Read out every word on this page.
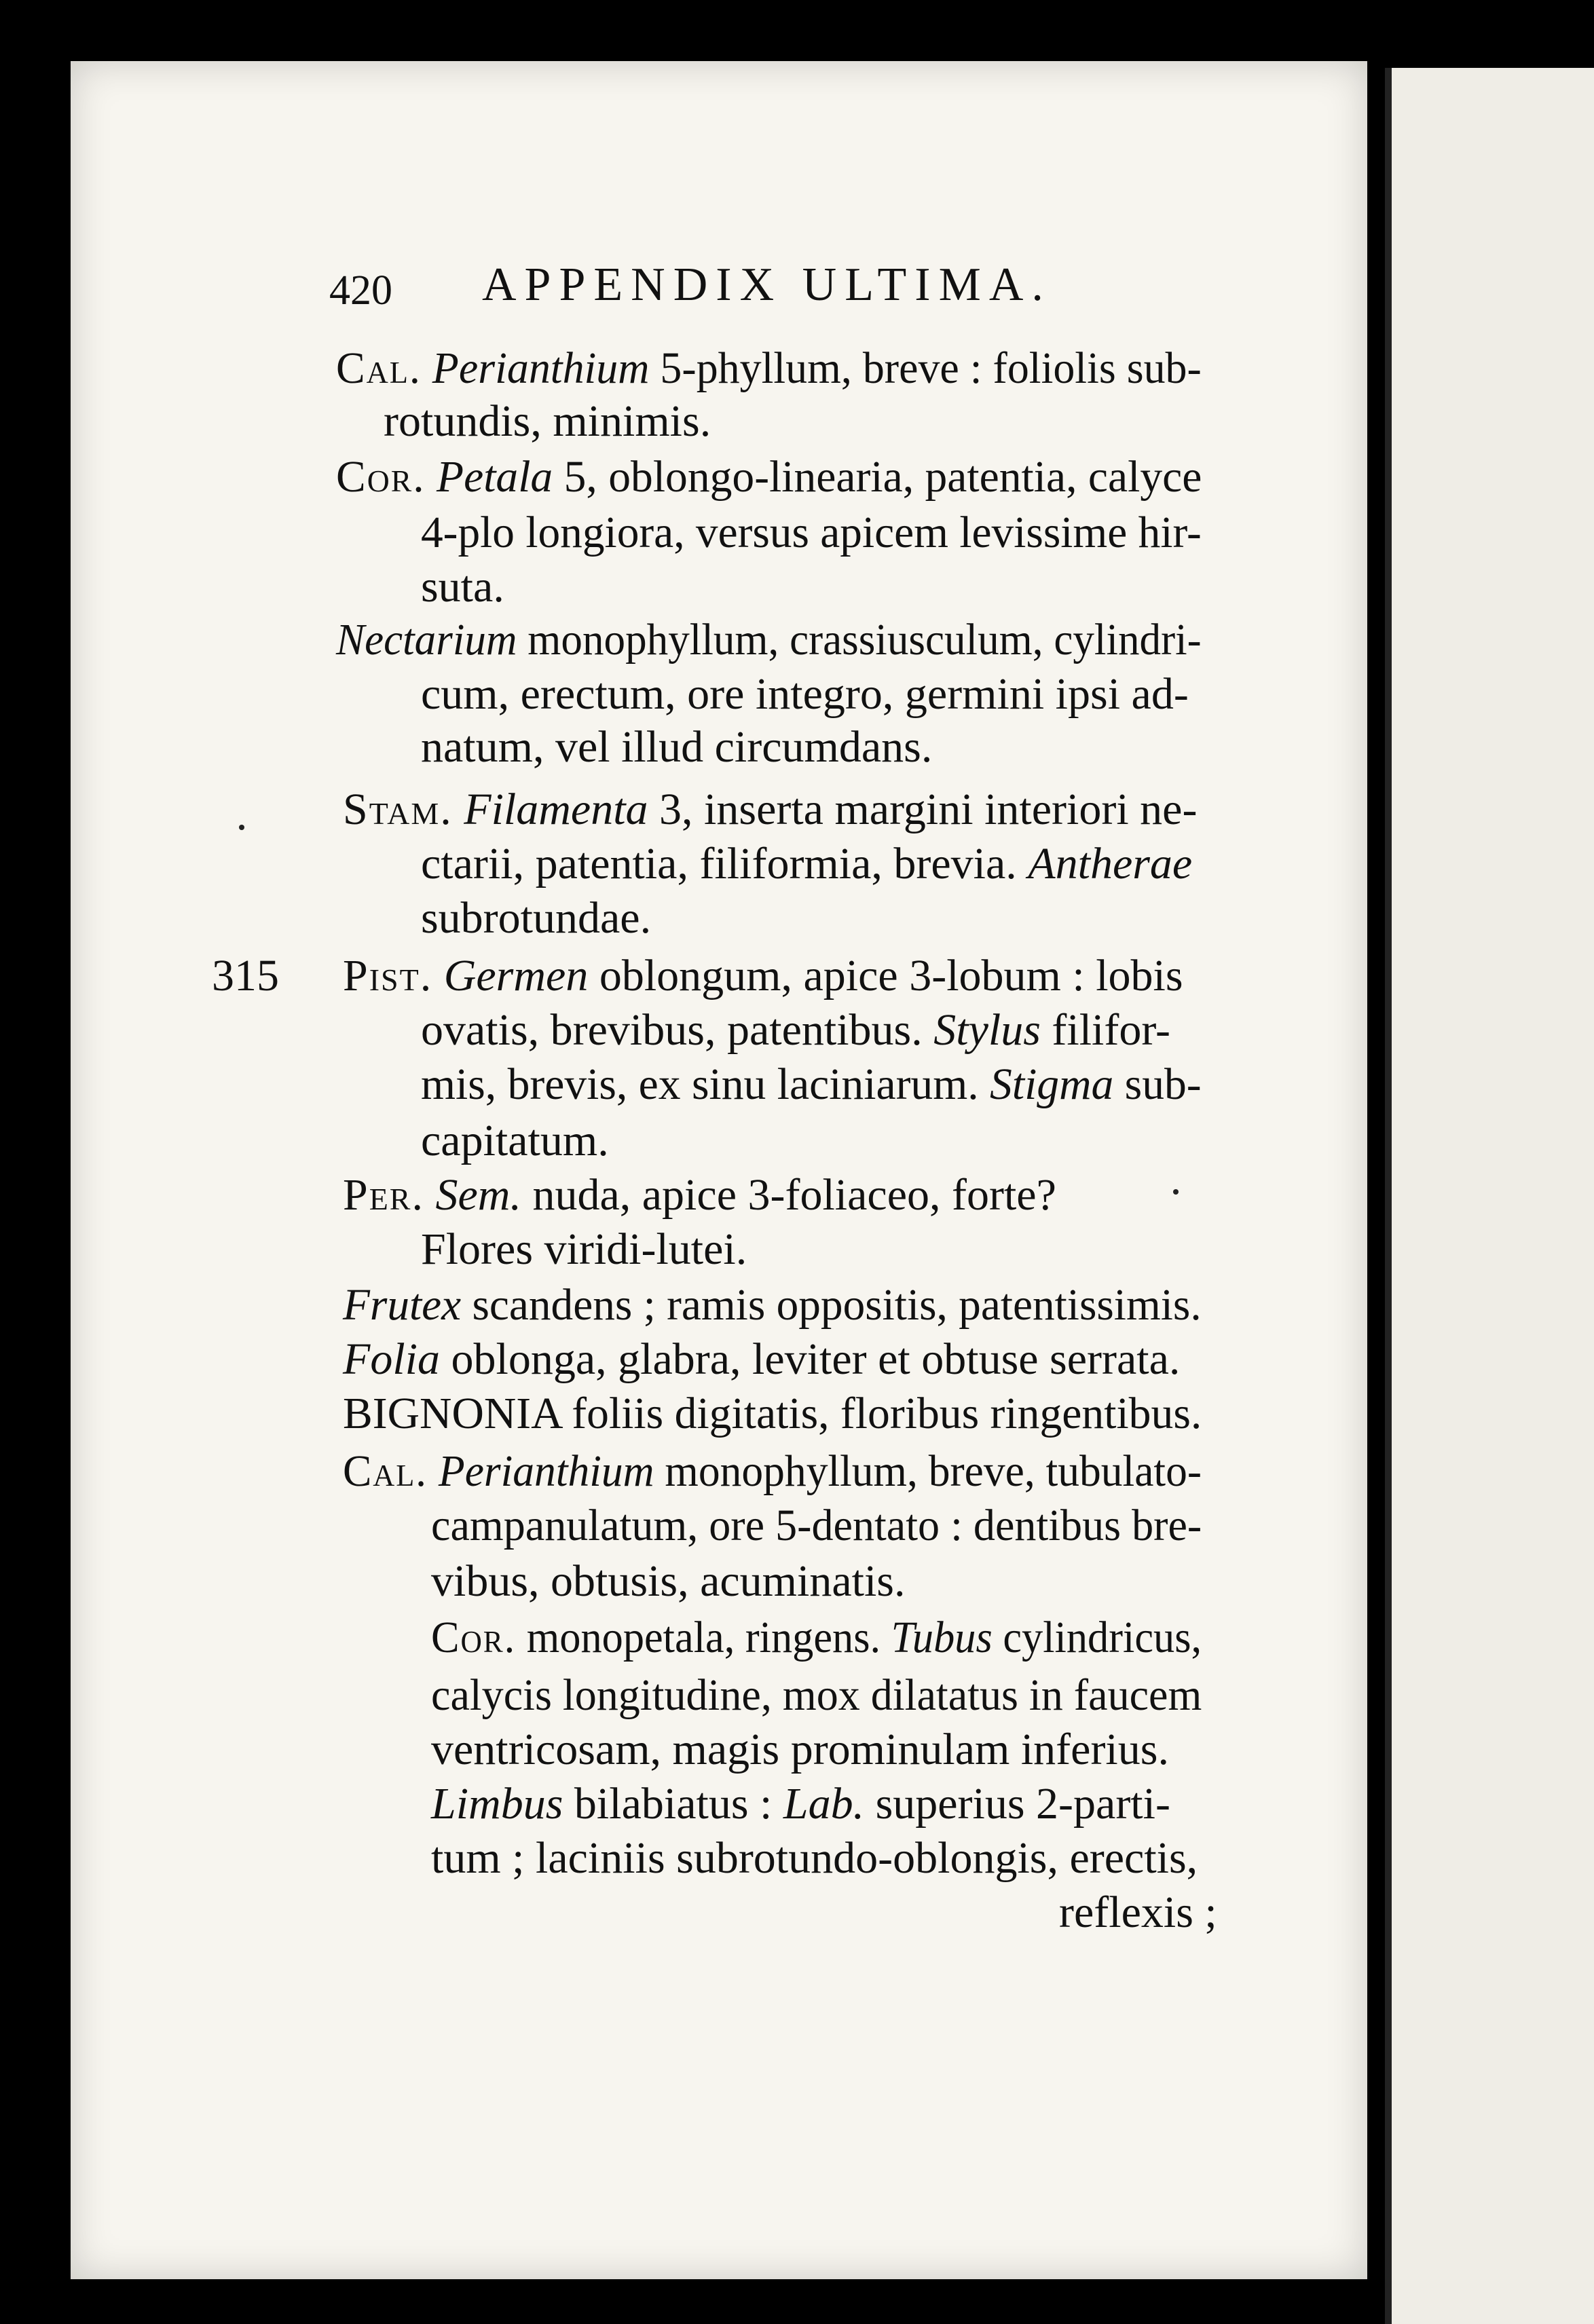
420 APPENDIX ULTIMA.
315
Cal. Perianthium 5-phyllum, breve : foliolis sub-
rotundis, minimis.
Cor. Petala 5, oblongo-linearia, patentia, calyce
4-plo longiora, versus apicem levissime hir-
suta.
Nectarium monophyllum, crassiusculum, cylindri-
cum, erectum, ore integro, germini ipsi ad-
natum, vel illud circumdans.
Stam. Filamenta 3, inserta margini interiori ne-
ctarii, patentia, filiformia, brevia. Antherae
subrotundae.
Pist. Germen oblongum, apice 3-lobum : lobis
ovatis, brevibus, patentibus. Stylus filifor-
mis, brevis, ex sinu laciniarum. Stigma sub-
capitatum.
Per. Sem. nuda, apice 3-foliaceo, forte?
Flores viridi-lutei.
Frutex scandens ; ramis oppositis, patentissimis.
Folia oblonga, glabra, leviter et obtuse serrata.
BIGNONIA foliis digitatis, floribus ringentibus.
Cal. Perianthium monophyllum, breve, tubulato-
campanulatum, ore 5-dentato : dentibus bre-
vibus, obtusis, acuminatis.
Cor. monopetala, ringens. Tubus cylindricus,
calycis longitudine, mox dilatatus in faucem
ventricosam, magis prominulam inferius.
Limbus bilabiatus : Lab. superius 2-parti-
tum ; laciniis subrotundo-oblongis, erectis,
reflexis ;
